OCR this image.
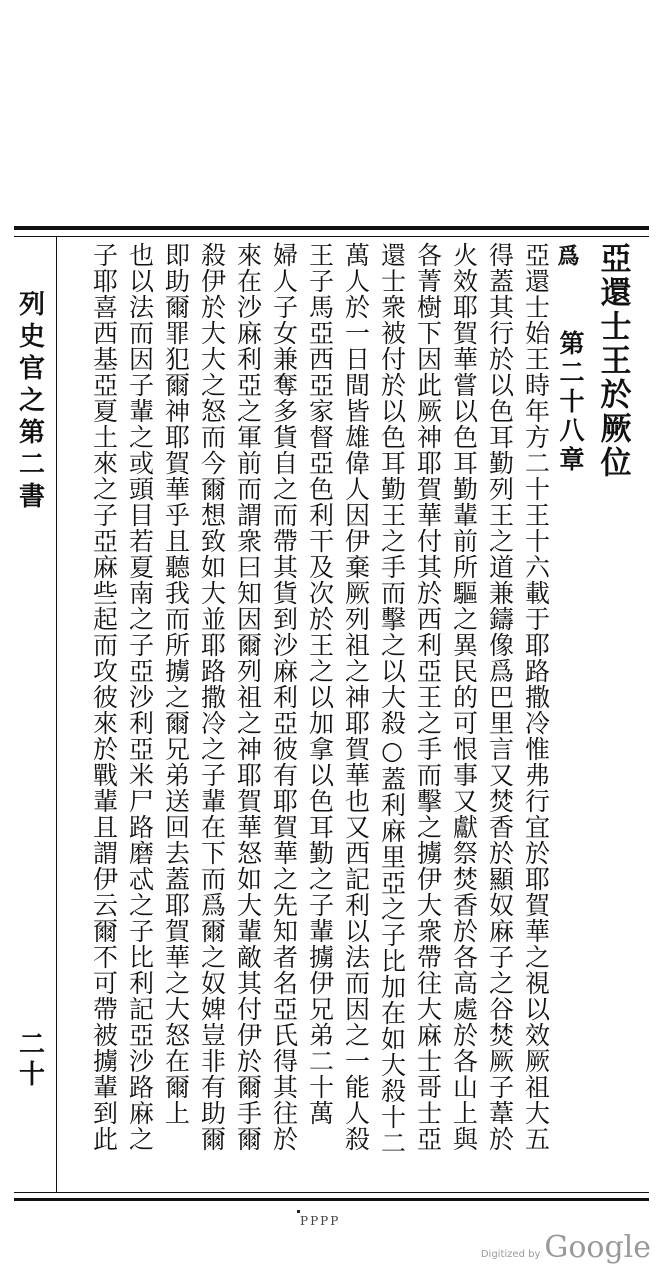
亞還士王於厥位
爲
第二十八章
亞還士始王時年方二十王十六載于耶路撒冷惟弗行宜於耶賀華之視以效厥祖大五
得蓋其行於以色耳勤列王之道兼鑄像爲巴里言又焚香於顯奴麻子之谷焚厥子葦於
火效耶賀華嘗以色耳勤輩前所驅之異民的可恨事又獻祭焚香於各高處於各山上與
各菁樹下因此厥神耶賀華付其於西利亞王之手而擊之擄伊大衆帶往大麻士哥士亞
還士衆被付於以色耳勤王之手而擊之以大殺○蓋利麻里亞之子比加在如大殺十二
萬人於一日間皆雄偉人因伊棄厥列祖之神耶賀華也又西記利以法而因之一能人殺
王子馬亞西亞家督亞色利干及次於王之以加拿以色耳勤之子輩擄伊兄弟二十萬
婦人子女兼奪多貨自之而帶其貨到沙麻利亞彼有耶賀華之先知者名亞氏得其往於
來在沙麻利亞之軍前而謂衆曰知因爾列祖之神耶賀華怒如大輩敵其付伊於爾手爾
殺伊於大大之怒而今爾想致如大並耶路撒冷之子輩在下而爲爾之奴婢豈非有助爾
即助爾罪犯爾神耶賀華乎且聽我而所擄之爾兄弟送回去蓋耶賀華之大怒在爾上
也以法而因子輩之或頭目若夏南之子亞沙利亞米尸路磨忒之子比利記亞沙路麻之
子耶喜西基亞夏土來之子亞麻些起而攻彼來於戰輩且謂伊云爾不可帶被擄輩到此
列史官之第二書
二十
PPPP
Digitized by Google
